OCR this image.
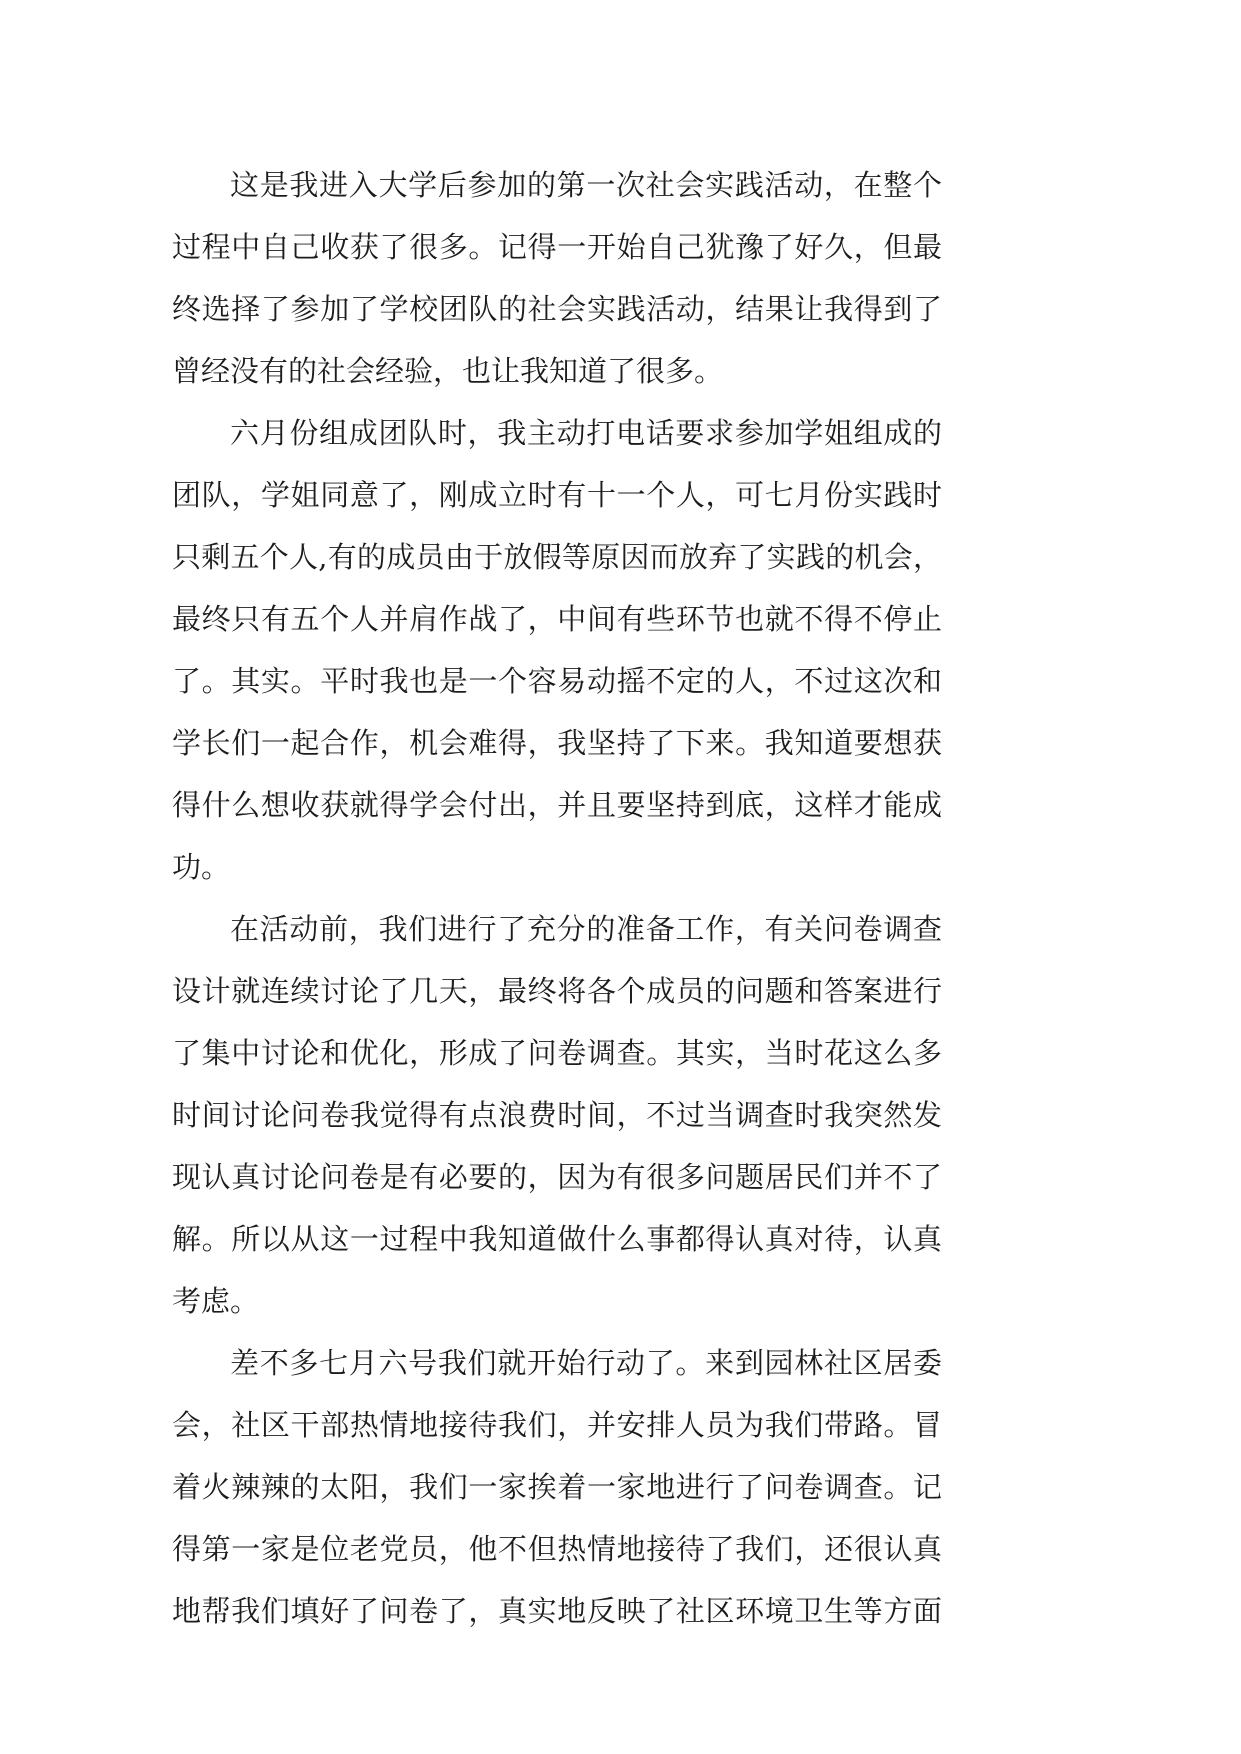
这是我进入大学后参加的第一次社会实践活动，在整个
过程中自己收获了很多。记得一开始自己犹豫了好久，但最
终选择了参加了学校团队的社会实践活动，结果让我得到了
曾经没有的社会经验，也让我知道了很多。
六月份组成团队时，我主动打电话要求参加学姐组成的
团队，学姐同意了，刚成立时有十一个人，可七月份实践时
只剩五个人,有的成员由于放假等原因而放弃了实践的机会，
最终只有五个人并肩作战了，中间有些环节也就不得不停止
了。其实。平时我也是一个容易动摇不定的人，不过这次和
学长们一起合作，机会难得，我坚持了下来。我知道要想获
得什么想收获就得学会付出，并且要坚持到底，这样才能成
功。
在活动前，我们进行了充分的准备工作，有关问卷调查
设计就连续讨论了几天，最终将各个成员的问题和答案进行
了集中讨论和优化，形成了问卷调查。其实，当时花这么多
时间讨论问卷我觉得有点浪费时间，不过当调查时我突然发
现认真讨论问卷是有必要的，因为有很多问题居民们并不了
解。所以从这一过程中我知道做什么事都得认真对待，认真
考虑。
差不多七月六号我们就开始行动了。来到园林社区居委
会，社区干部热情地接待我们，并安排人员为我们带路。冒
着火辣辣的太阳，我们一家挨着一家地进行了问卷调查。记
得第一家是位老党员，他不但热情地接待了我们，还很认真
地帮我们填好了问卷了，真实地反映了社区环境卫生等方面
